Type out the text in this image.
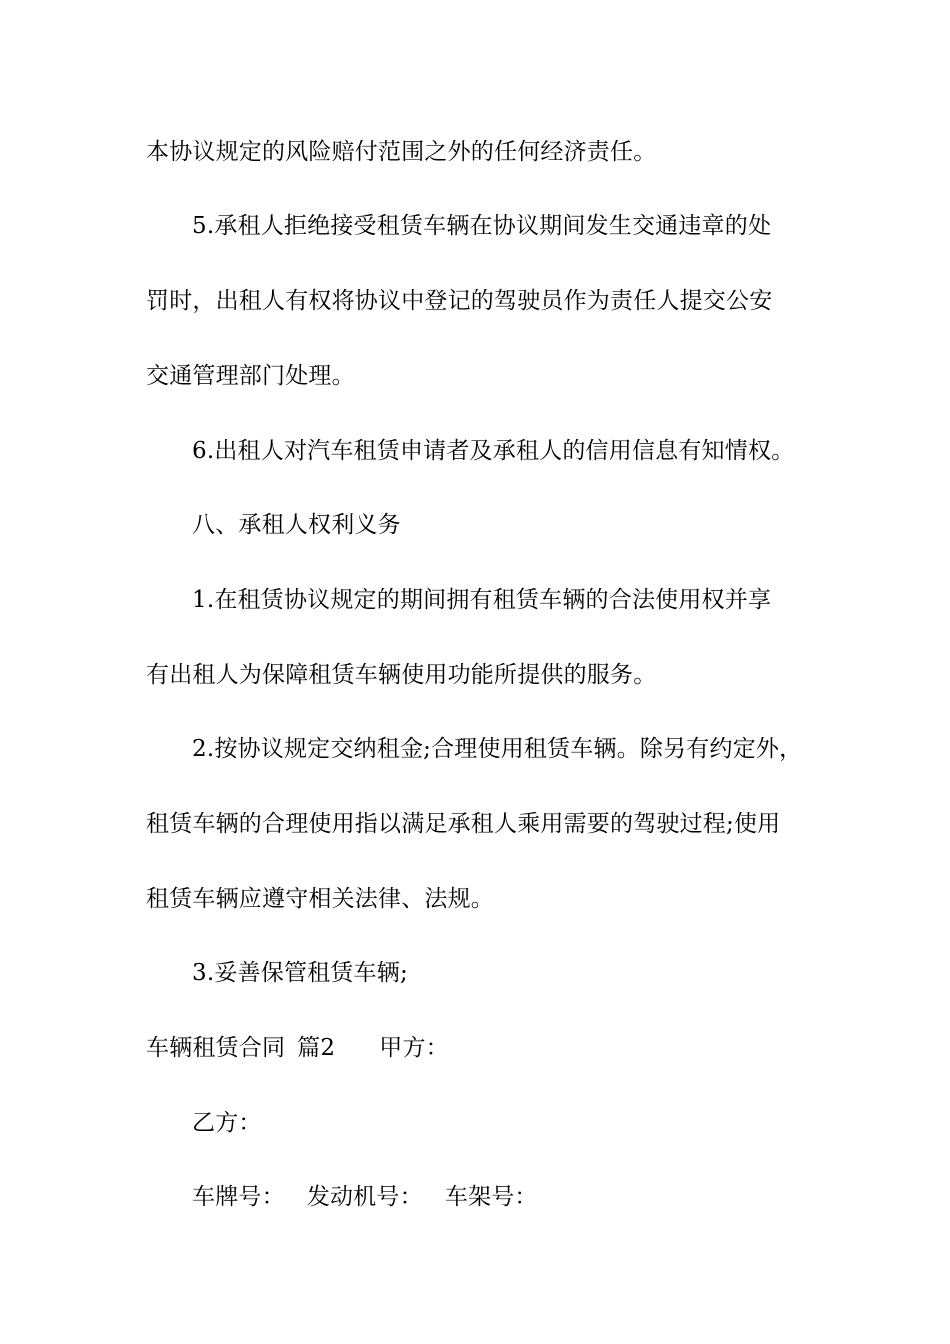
本协议规定的风险赔付范围之外的任何经济责任。
5.承租人拒绝接受租赁车辆在协议期间发生交通违章的处
罚时，出租人有权将协议中登记的驾驶员作为责任人提交公安
交通管理部门处理。
6.出租人对汽车租赁申请者及承租人的信用信息有知情权。
八、承租人权利义务
1.在租赁协议规定的期间拥有租赁车辆的合法使用权并享
有出租人为保障租赁车辆使用功能所提供的服务。
2.按协议规定交纳租金;合理使用租赁车辆。除另有约定外，
租赁车辆的合理使用指以满足承租人乘用需要的驾驶过程;使用
租赁车辆应遵守相关法律、法规。
3.妥善保管租赁车辆;
车辆租赁合同 篇2 甲方：
乙方：
车牌号： 发动机号： 车架号：
